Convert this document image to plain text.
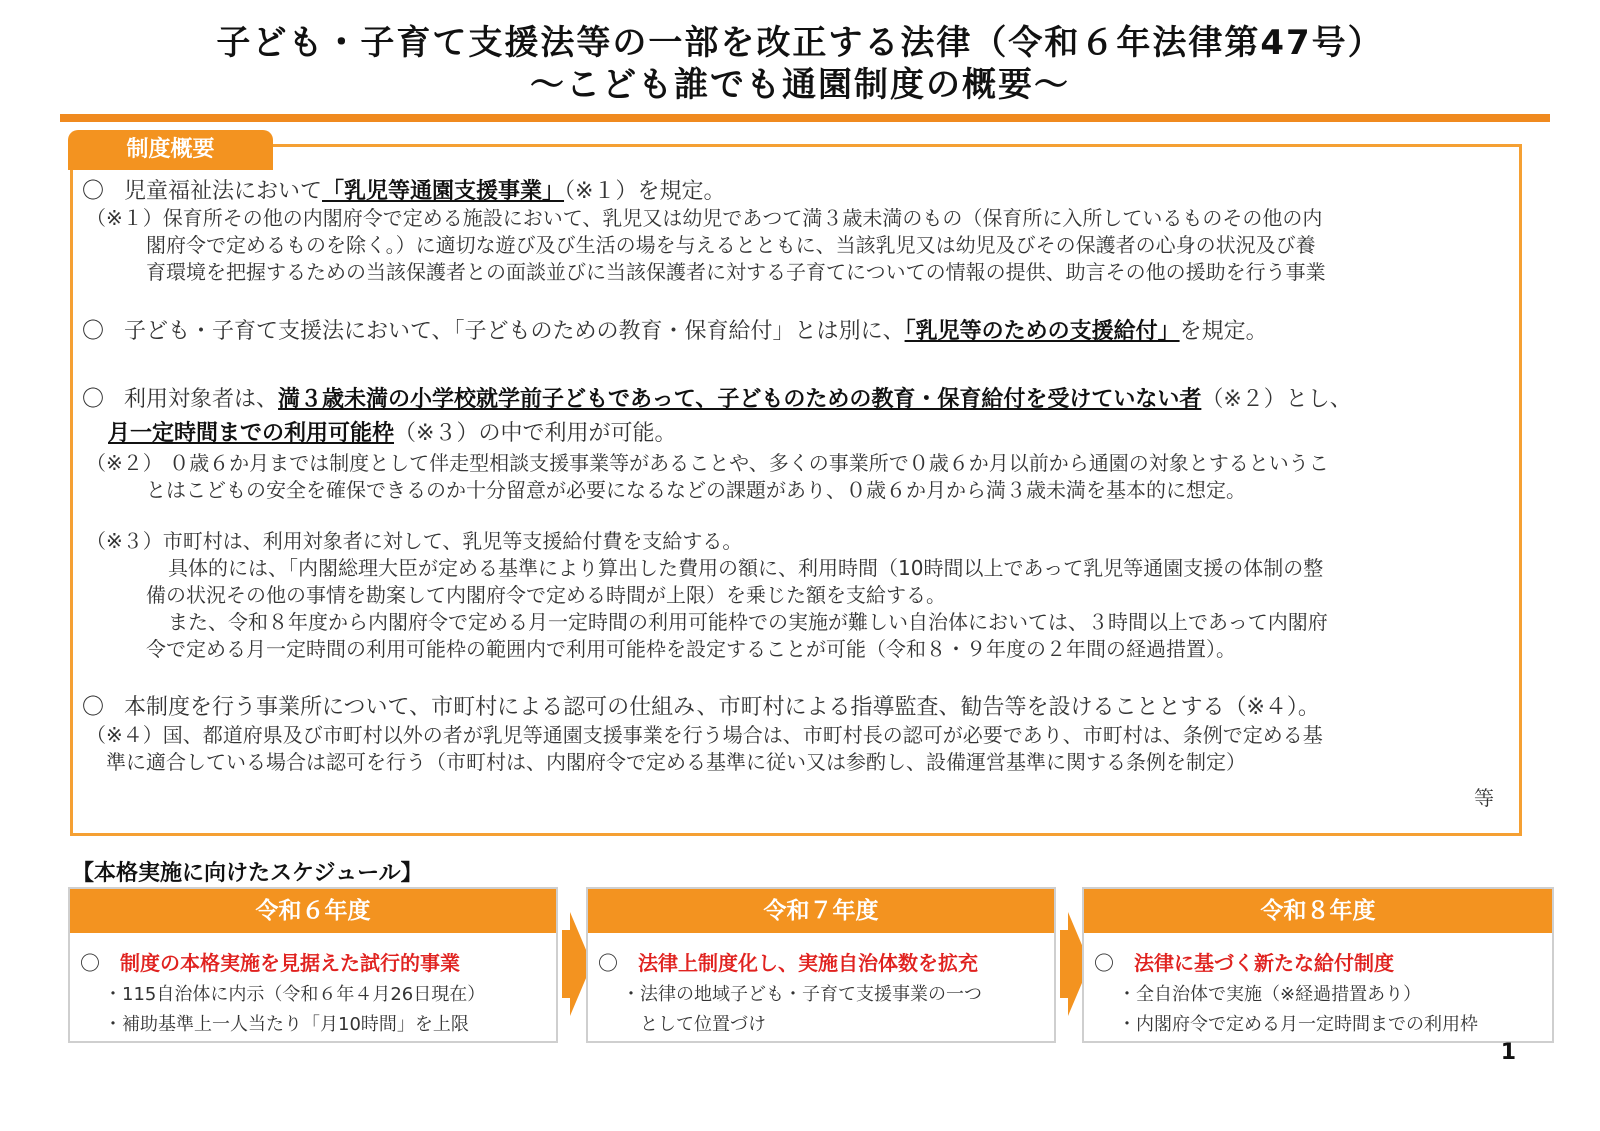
子ども・子育て支援法等の一部を改正する法律（令和６年法律第47号）
〜こども誰でも通園制度の概要〜
制度概要
〇 児童福祉法において「乳児等通園支援事業」（※１）を規定。
（※１）保育所その他の内閣府令で定める施設において、乳児又は幼児であつて満３歳未満のもの（保育所に入所しているものその他の内
閣府令で定めるものを除く。）に適切な遊び及び生活の場を与えるとともに、当該乳児又は幼児及びその保護者の心身の状況及び養
育環境を把握するための当該保護者との面談並びに当該保護者に対する子育てについての情報の提供、助言その他の援助を行う事業
〇 子ども・子育て支援法において、「子どものための教育・保育給付」とは別に、「乳児等のための支援給付」を規定。
〇 利用対象者は、満３歳未満の小学校就学前子どもであって、子どものための教育・保育給付を受けていない者（※２）とし、
月一定時間までの利用可能枠（※３）の中で利用が可能。
（※２） ０歳６か月までは制度として伴走型相談支援事業等があることや、多くの事業所で０歳６か月以前から通園の対象とするというこ
とはこどもの安全を確保できるのか十分留意が必要になるなどの課題があり、０歳６か月から満３歳未満を基本的に想定。
（※３）市町村は、利用対象者に対して、乳児等支援給付費を支給する。
具体的には、「内閣総理大臣が定める基準により算出した費用の額に、利用時間（10時間以上であって乳児等通園支援の体制の整
備の状況その他の事情を勘案して内閣府令で定める時間が上限）を乗じた額を支給する。
また、令和８年度から内閣府令で定める月一定時間の利用可能枠での実施が難しい自治体においては、３時間以上であって内閣府
令で定める月一定時間の利用可能枠の範囲内で利用可能枠を設定することが可能（令和８・９年度の２年間の経過措置）。
〇 本制度を行う事業所について、市町村による認可の仕組み、市町村による指導監査、勧告等を設けることとする（※４）。
（※４）国、都道府県及び市町村以外の者が乳児等通園支援事業を行う場合は、市町村長の認可が必要であり、市町村は、条例で定める基
準に適合している場合は認可を行う（市町村は、内閣府令で定める基準に従い又は参酌し、設備運営基準に関する条例を制定）
等
【本格実施に向けたスケジュール】
令和６年度
〇 制度の本格実施を見据えた試行的事業
・115自治体に内示（令和６年４月26日現在）
・補助基準上一人当たり「月10時間」を上限
令和７年度
〇 法律上制度化し、実施自治体数を拡充
・法律の地域子ども・子育て支援事業の一つ
として位置づけ
令和８年度
〇 法律に基づく新たな給付制度
・全自治体で実施（※経過措置あり）
・内閣府令で定める月一定時間までの利用枠
1
